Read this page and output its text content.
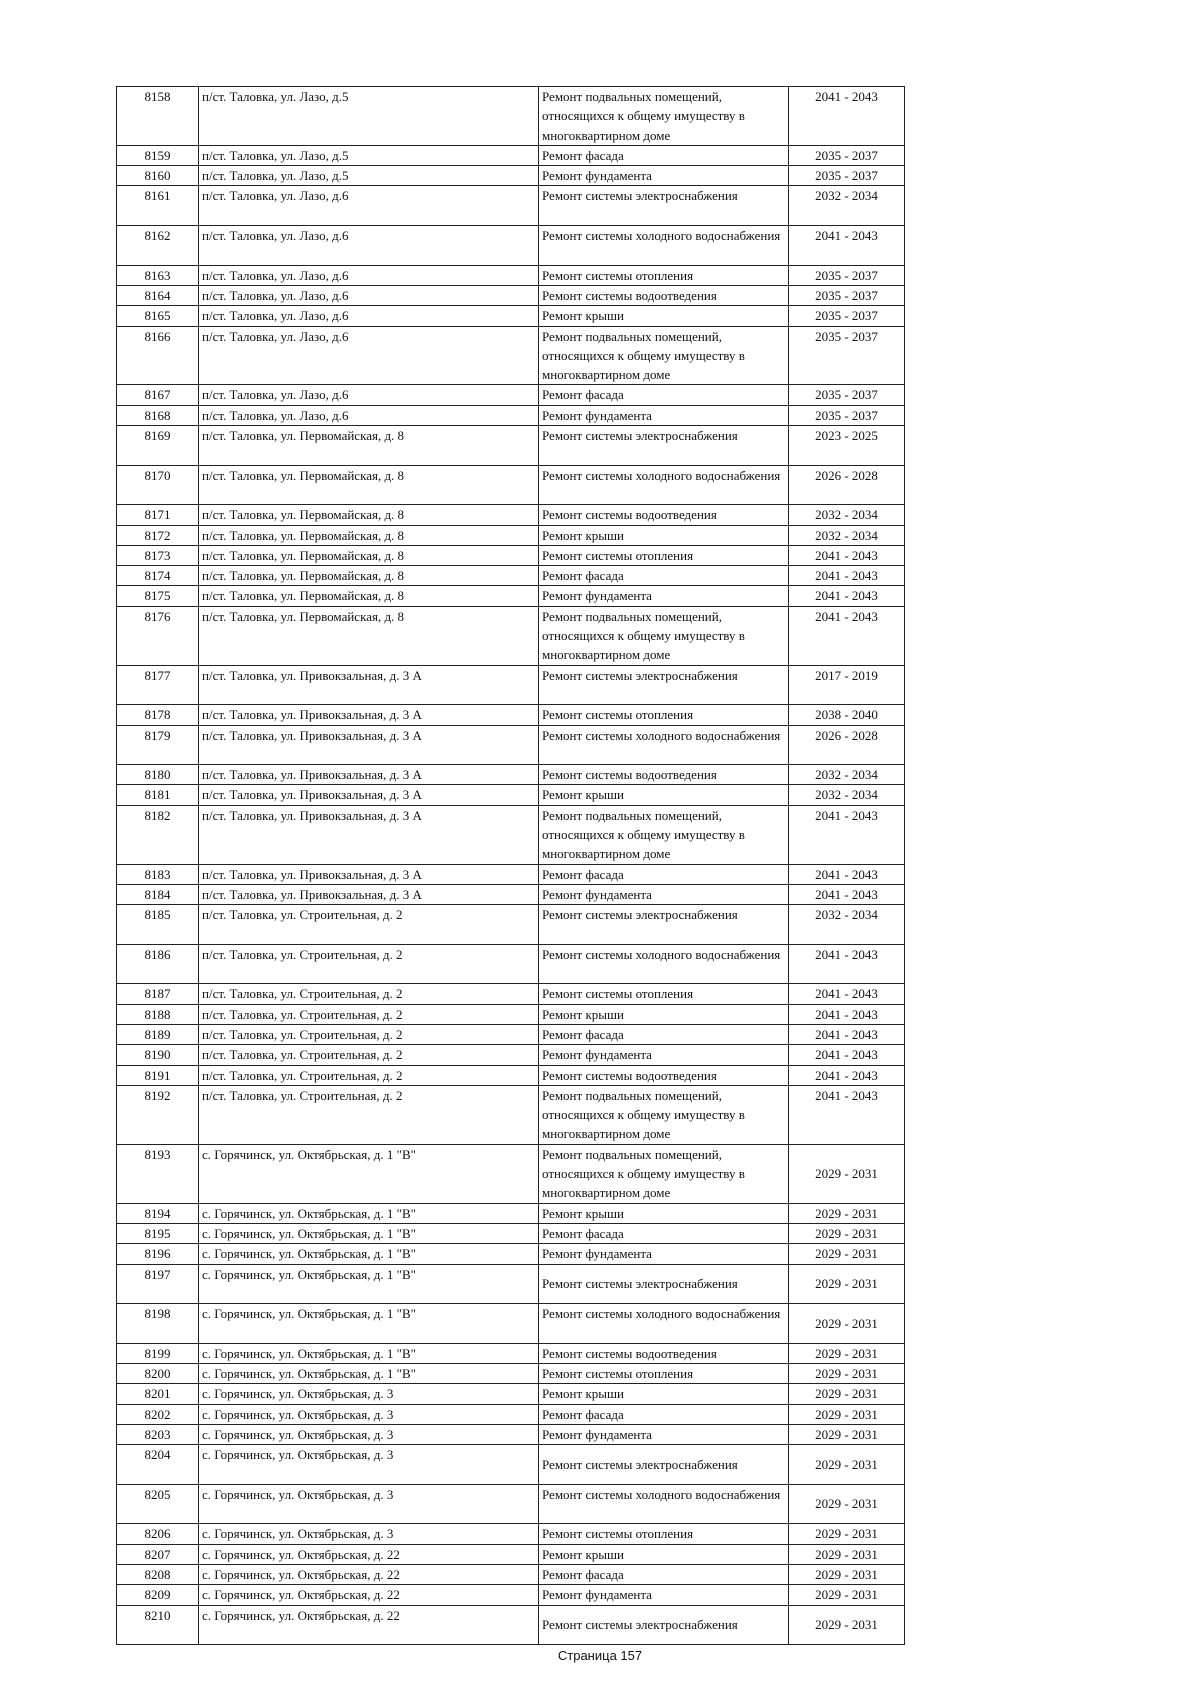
8158	п/ст. Таловка, ул. Лазо, д.5	Ремонт подвальных помещений, относящихся к общему имуществу в многоквартирном доме	2041 - 2043

8159	п/ст. Таловка, ул. Лазо, д.5	Ремонт фасада	2035 - 2037

8160	п/ст. Таловка, ул. Лазо, д.5	Ремонт фундамента	2035 - 2037

8161	п/ст. Таловка, ул. Лазо, д.6	Ремонт системы электроснабжения	2032 - 2034

8162	п/ст. Таловка, ул. Лазо, д.6	Ремонт системы холодного водоснабжения	2041 - 2043

8163	п/ст. Таловка, ул. Лазо, д.6	Ремонт системы отопления	2035 - 2037

8164	п/ст. Таловка, ул. Лазо, д.6	Ремонт системы водоотведения	2035 - 2037

8165	п/ст. Таловка, ул. Лазо, д.6	Ремонт крыши	2035 - 2037

8166	п/ст. Таловка, ул. Лазо, д.6	Ремонт подвальных помещений, относящихся к общему имуществу в многоквартирном доме	2035 - 2037

8167	п/ст. Таловка, ул. Лазо, д.6	Ремонт фасада	2035 - 2037

8168	п/ст. Таловка, ул. Лазо, д.6	Ремонт фундамента	2035 - 2037

8169	п/ст. Таловка, ул. Первомайская, д. 8	Ремонт системы электроснабжения	2023 - 2025

8170	п/ст. Таловка, ул. Первомайская, д. 8	Ремонт системы холодного водоснабжения	2026 - 2028

8171	п/ст. Таловка, ул. Первомайская, д. 8	Ремонт системы водоотведения	2032 - 2034

8172	п/ст. Таловка, ул. Первомайская, д. 8	Ремонт крыши	2032 - 2034

8173	п/ст. Таловка, ул. Первомайская, д. 8	Ремонт системы отопления	2041 - 2043

8174	п/ст. Таловка, ул. Первомайская, д. 8	Ремонт фасада	2041 - 2043

8175	п/ст. Таловка, ул. Первомайская, д. 8	Ремонт фундамента	2041 - 2043

8176	п/ст. Таловка, ул. Первомайская, д. 8	Ремонт подвальных помещений, относящихся к общему имуществу в многоквартирном доме	2041 - 2043

8177	п/ст. Таловка, ул. Привокзальная, д. 3 А	Ремонт системы электроснабжения	2017 - 2019

8178	п/ст. Таловка, ул. Привокзальная, д. 3 А	Ремонт системы отопления	2038 - 2040

8179	п/ст. Таловка, ул. Привокзальная, д. 3 А	Ремонт системы холодного водоснабжения	2026 - 2028

8180	п/ст. Таловка, ул. Привокзальная, д. 3 А	Ремонт системы водоотведения	2032 - 2034

8181	п/ст. Таловка, ул. Привокзальная, д. 3 А	Ремонт крыши	2032 - 2034

8182	п/ст. Таловка, ул. Привокзальная, д. 3 А	Ремонт подвальных помещений, относящихся к общему имуществу в многоквартирном доме	2041 - 2043

8183	п/ст. Таловка, ул. Привокзальная, д. 3 А	Ремонт фасада	2041 - 2043

8184	п/ст. Таловка, ул. Привокзальная, д. 3 А	Ремонт фундамента	2041 - 2043

8185	п/ст. Таловка, ул. Строительная, д. 2	Ремонт системы электроснабжения	2032 - 2034

8186	п/ст. Таловка, ул. Строительная, д. 2	Ремонт системы холодного водоснабжения	2041 - 2043

8187	п/ст. Таловка, ул. Строительная, д. 2	Ремонт системы отопления	2041 - 2043

8188	п/ст. Таловка, ул. Строительная, д. 2	Ремонт крыши	2041 - 2043

8189	п/ст. Таловка, ул. Строительная, д. 2	Ремонт фасада	2041 - 2043

8190	п/ст. Таловка, ул. Строительная, д. 2	Ремонт фундамента	2041 - 2043

8191	п/ст. Таловка, ул. Строительная, д. 2	Ремонт системы водоотведения	2041 - 2043

8192	п/ст. Таловка, ул. Строительная, д. 2	Ремонт подвальных помещений, относящихся к общему имуществу в многоквартирном доме	2041 - 2043

8193	с. Горячинск, ул. Октябрьская, д. 1 "В"	Ремонт подвальных помещений, относящихся к общему имуществу в многоквартирном доме	2029 - 2031

8194	с. Горячинск, ул. Октябрьская, д. 1 "В"	Ремонт крыши	2029 - 2031

8195	с. Горячинск, ул. Октябрьская, д. 1 "В"	Ремонт фасада	2029 - 2031

8196	с. Горячинск, ул. Октябрьская, д. 1 "В"	Ремонт фундамента	2029 - 2031

8197	с. Горячинск, ул. Октябрьская, д. 1 "В"	Ремонт системы электроснабжения	2029 - 2031

8198	с. Горячинск, ул. Октябрьская, д. 1 "В"	Ремонт системы холодного водоснабжения	2029 - 2031

8199	с. Горячинск, ул. Октябрьская, д. 1 "В"	Ремонт системы водоотведения	2029 - 2031

8200	с. Горячинск, ул. Октябрьская, д. 1 "В"	Ремонт системы отопления	2029 - 2031

8201	с. Горячинск, ул. Октябрьская, д. 3	Ремонт крыши	2029 - 2031

8202	с. Горячинск, ул. Октябрьская, д. 3	Ремонт фасада	2029 - 2031

8203	с. Горячинск, ул. Октябрьская, д. 3	Ремонт фундамента	2029 - 2031

8204	с. Горячинск, ул. Октябрьская, д. 3	Ремонт системы электроснабжения	2029 - 2031

8205	с. Горячинск, ул. Октябрьская, д. 3	Ремонт системы холодного водоснабжения	2029 - 2031

8206	с. Горячинск, ул. Октябрьская, д. 3	Ремонт системы отопления	2029 - 2031

8207	с. Горячинск, ул. Октябрьская, д. 22	Ремонт крыши	2029 - 2031

8208	с. Горячинск, ул. Октябрьская, д. 22	Ремонт фасада	2029 - 2031

8209	с. Горячинск, ул. Октябрьская, д. 22	Ремонт фундамента	2029 - 2031

8210	с. Горячинск, ул. Октябрьская, д. 22	Ремонт системы электроснабжения	2029 - 2031
Страница 157
